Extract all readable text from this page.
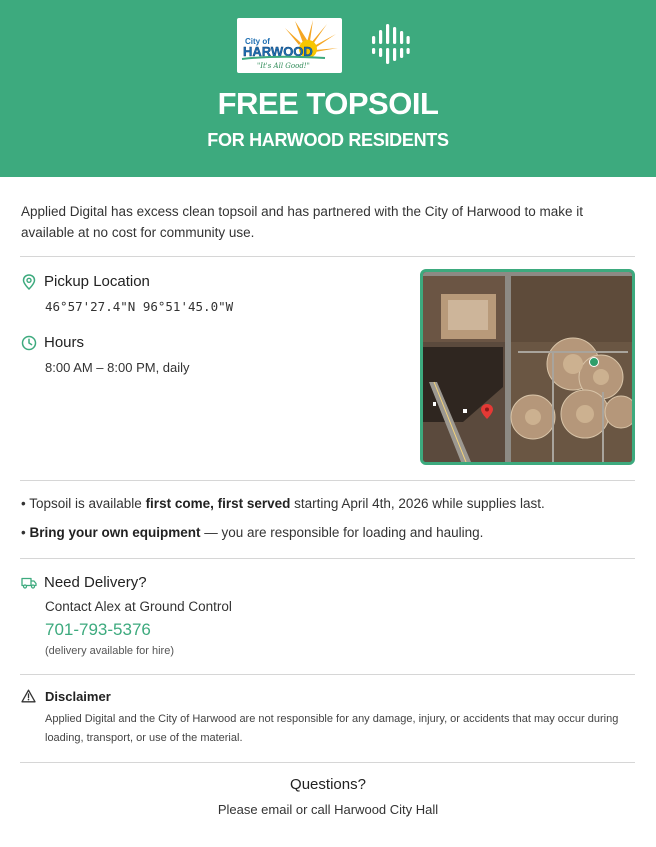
City of
HARWOOD
"It's All Good!"
FREE TOPSOIL
FOR HARWOOD RESIDENTS

Applied Digital has excess clean topsoil and has partnered with the City of Harwood to make it available at no cost for community use.

Pickup Location
46°57'27.4"N 96°51'45.0"W
Hours
8:00 AM – 8:00 PM, daily
• Topsoil is available first come, first served starting April 4th, 2026 while supplies last.
• Bring your own equipment — you are responsible for loading and hauling.
Need Delivery?
Contact Alex at Ground Control
701-793-5376
(delivery available for hire)
Disclaimer
Applied Digital and the City of Harwood are not responsible for any damage, injury, or accidents that may occur during loading, transport, or use of the material.
Questions?
Please email or call Harwood City Hall
